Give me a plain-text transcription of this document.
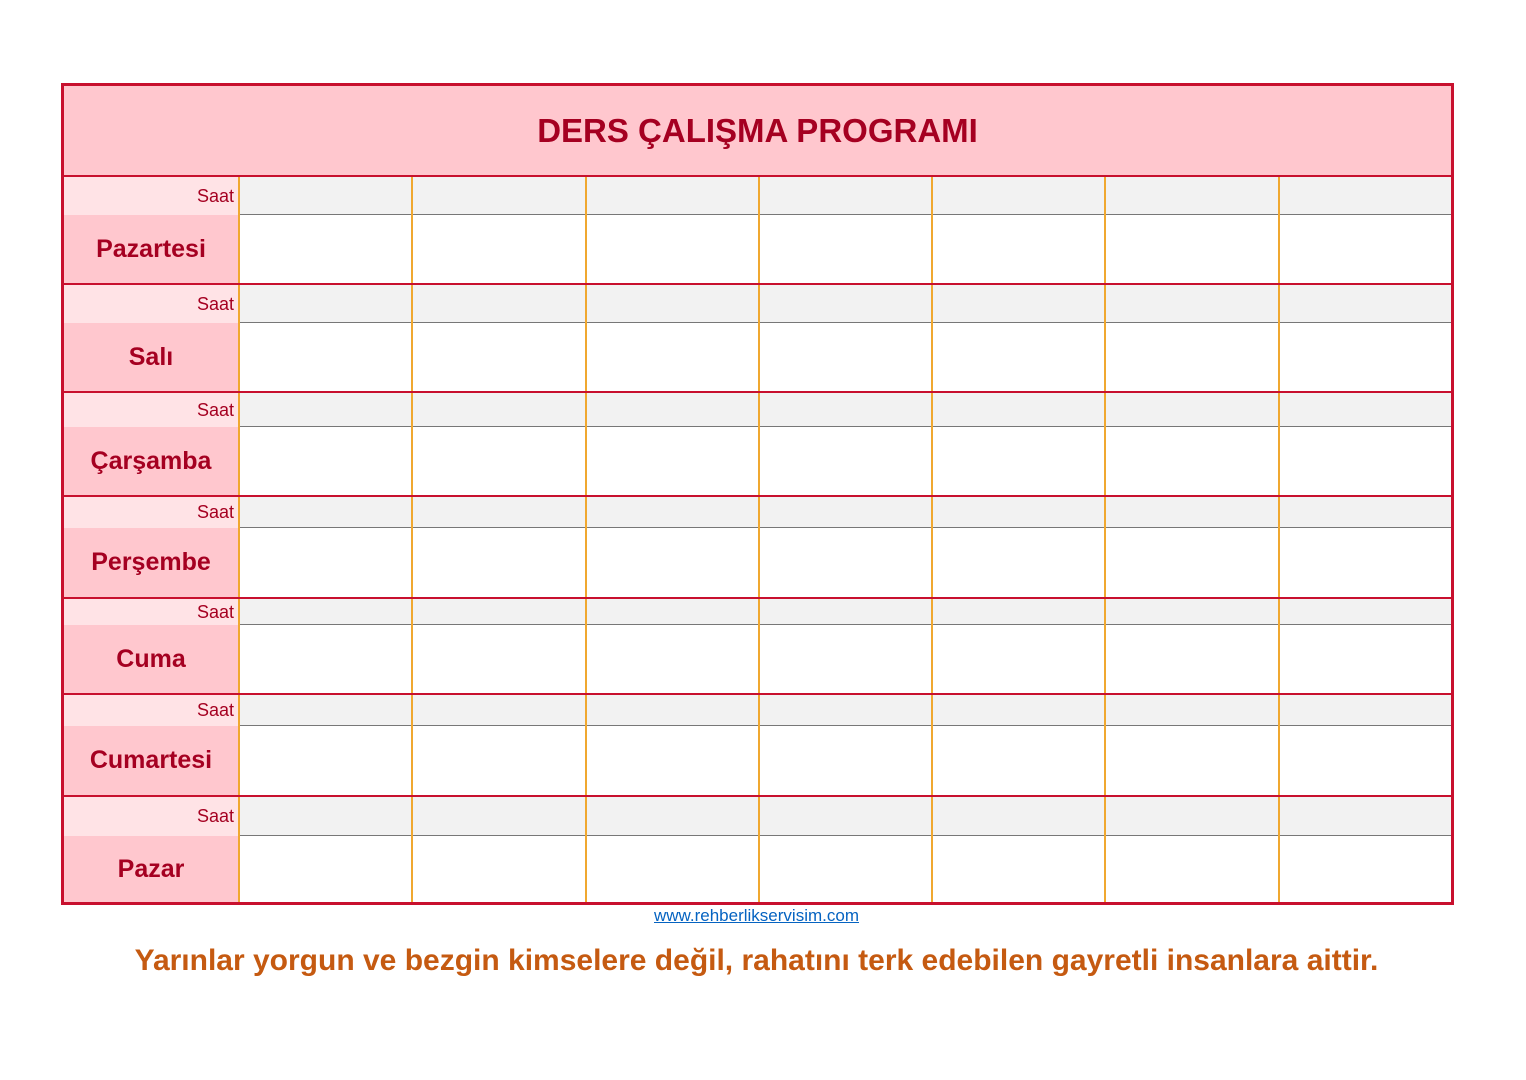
DERS ÇALIŞMA PROGRAMI
Saat
Pazartesi
Saat
Salı
Saat
Çarşamba
Saat
Perşembe
Saat
Cuma
Saat
Cumartesi
Saat
Pazar
www.rehberlikservisim.com
Yarınlar yorgun ve bezgin kimselere değil, rahatını terk edebilen gayretli insanlara aittir.
